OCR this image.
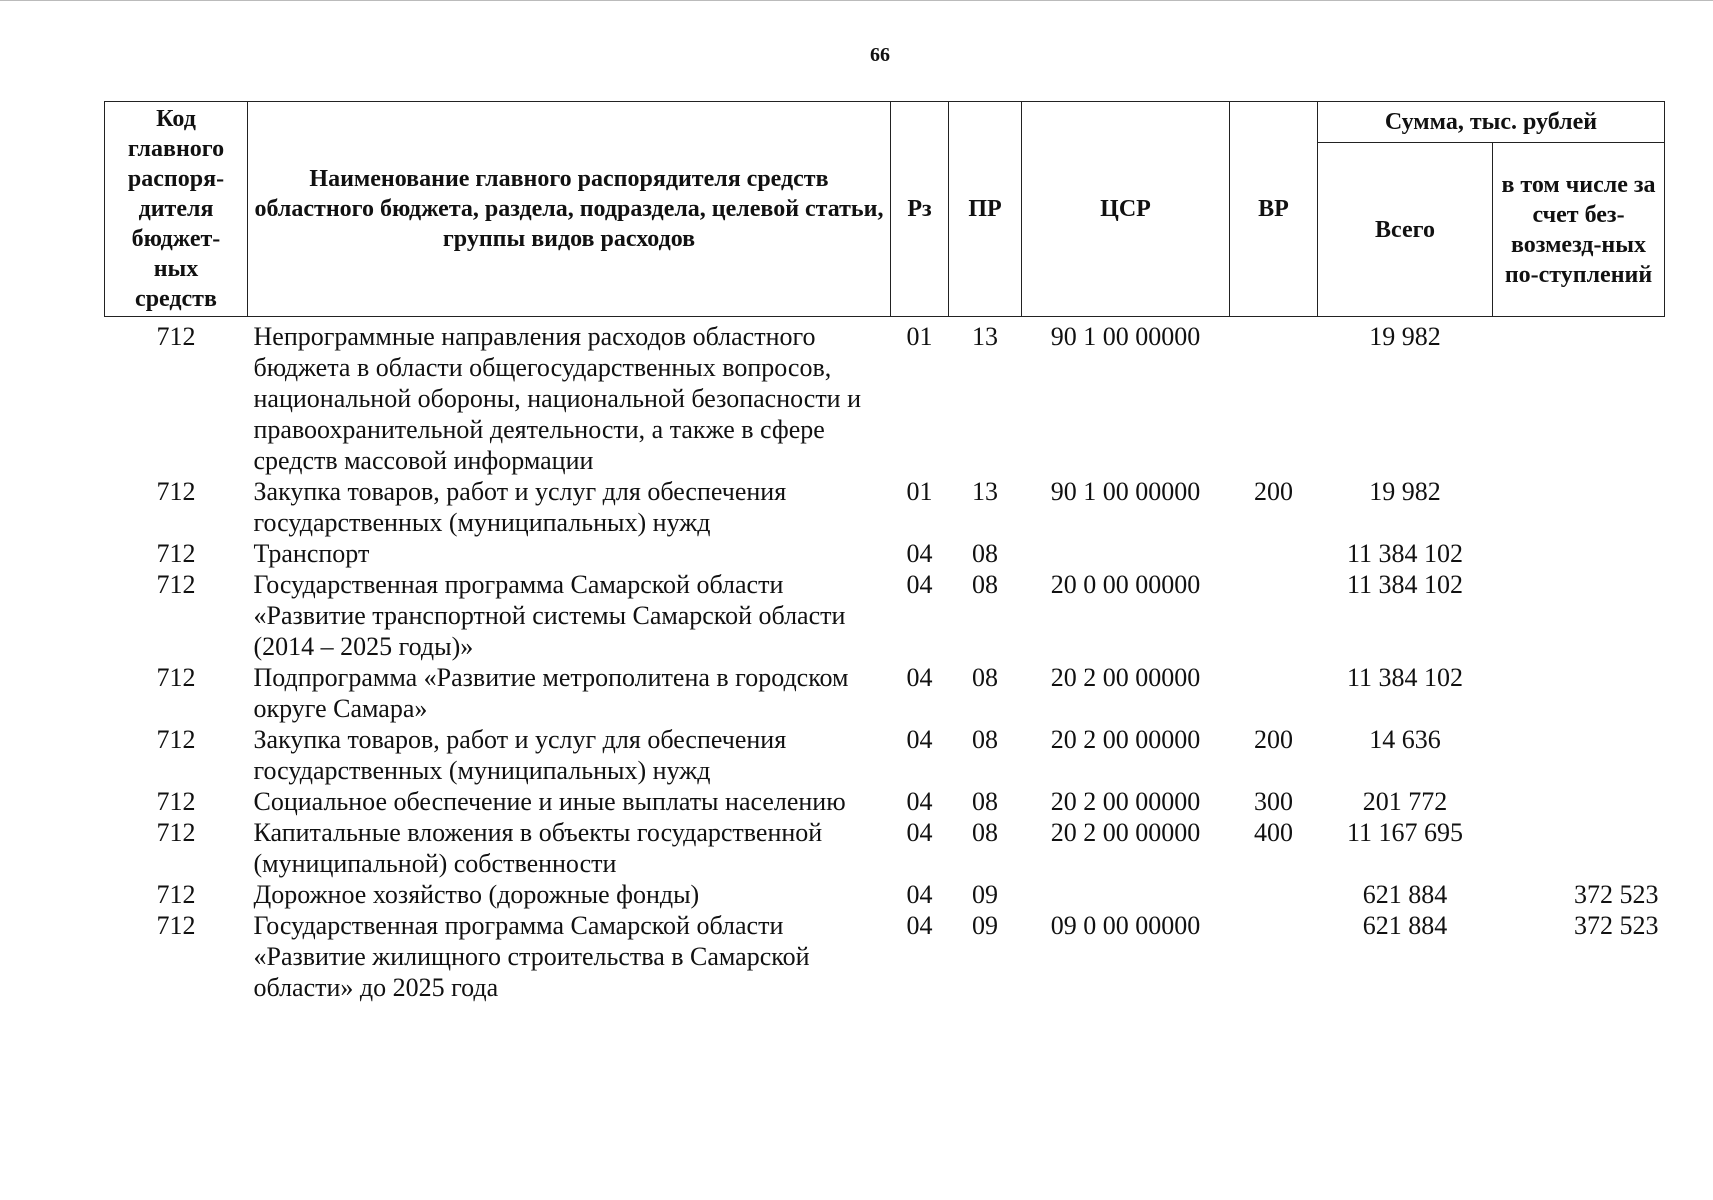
66
Код главного распоря-дителя бюджет-ных средств	Наименование главного распорядителя средств областного бюджета, раздела, подраздела, целевой статьи, группы видов расходов	Рз	ПР	ЦСР	ВР	Сумма, тыс. рублей	
						Всего	в том числе за счет без-возмезд-ных по-ступлений
712	Непрограммные направления расходов областного бюджета в области общегосударственных вопросов, национальной обороны, национальной безопасности и правоохранительной деятельности, а также в сфере средств массовой информации	01	13	90 1 00 00000		19 982	
712	Закупка товаров, работ и услуг для обеспечения государственных (муниципальных) нужд	01	13	90 1 00 00000	200	19 982	
712	Транспорт	04	08			11 384 102	
712	Государственная программа Самарской области «Развитие транспортной системы Самарской области (2014 – 2025 годы)»	04	08	20 0 00 00000		11 384 102	
712	Подпрограмма «Развитие метрополитена в городском округе Самара»	04	08	20 2 00 00000		11 384 102	
712	Закупка товаров, работ и услуг для обеспечения государственных (муниципальных) нужд	04	08	20 2 00 00000	200	14 636	
712	Социальное обеспечение и иные выплаты населению	04	08	20 2 00 00000	300	201 772	
712	Капитальные вложения в объекты государственной (муниципальной) собственности	04	08	20 2 00 00000	400	11 167 695	
712	Дорожное хозяйство (дорожные фонды)	04	09			621 884	372 523
712	Государственная программа Самарской области «Развитие жилищного строительства в Самарской области» до 2025 года	04	09	09 0 00 00000		621 884	372 523
